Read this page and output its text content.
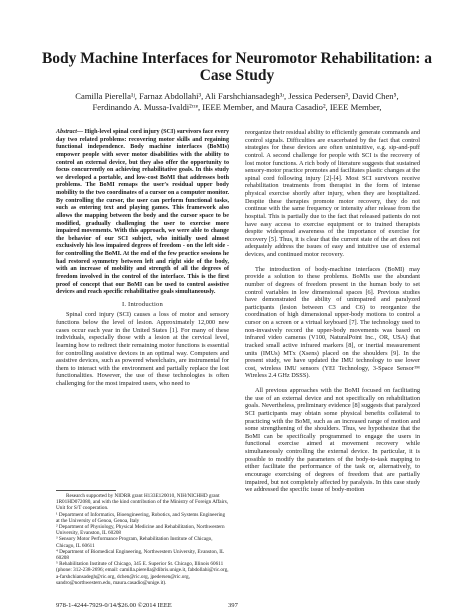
Body Machine Interfaces for Neuromotor Rehabilitation: a Case Study
Camilla Pierella¹ʲ, Farnaz Abdollahi³, Ali Farshchiansadegh³ʴ, Jessica Pedersen³, David Chen⁵,
Ferdinando A. Mussa-Ivaldi²ʳʴʶ, IEEE Member, and Maura Casadio², IEEE Member,

Abstract— High-level spinal cord injury (SCI) survivors face every day two related problems: recovering motor skills and regaining functional independence. Body machine interfaces (BoMIs) empower people with sever motor disabilities with the ability to control an external device, but they also offer the opportunity to focus concurrently on achieving rehabilitative goals. In this study we developed a portable, and low-cost BoMI that addresses both problems. The BoMI remaps the user's residual upper body mobility to the two coordinates of a cursor on a computer monitor. By controlling the cursor, the user can perform functional tasks, such as entering text and playing games. This framework also allows the mapping between the body and the cursor space to be modified, gradually challenging the user to exercise more impaired movements. With this approach, we were able to change the behavior of our SCI subject, who initially used almost exclusively his less impaired degrees of freedom - on the left side - for controlling the BoMI. At the end of the few practice sessions he had restored symmetry between left and right side of the body, with an increase of mobility and strength of all the degrees of freedom involved in the control of the interface. This is the first proof of concept that our BoMI can be used to control assistive devices and reach specific rehabilitative goals simultaneously.

I. Introduction

Spinal cord injury (SCI) causes a loss of motor and sensory functions below the level of lesion. Approximately 12,000 new cases occur each year in the United States [1]. For many of these individuals, especially those with a lesion at the cervical level, learning how to redirect their remaining motor functions is essential for controlling assistive devices in an optimal way. Computers and assistive devices, such as powered wheelchairs, are instrumental for them to interact with the environment and partially replace the lost functionalities. However, the use of these technologies is often challenging for the most impaired users, who need to

Research supported by NIDRR grant H133E120010, NIH/NICHHD grant 1R01HD072080, and with the kind contribution of the Ministry of Foreign Affairs, Unit for S/T cooperation.

¹ Department of Informatics, Bioengineering, Robotics, and Systems Engineering at the University of Genoa, Genoa, Italy

² Department of Physiology, Physical Medicine and Rehabilitation, Northwestern University, Evanston, IL 60208

³ Sensory Motor Performance Program, Rehabilitation Institute of Chicago, Chicago, IL 60611

⁴ Department of Biomedical Engineering, Northwestern University, Evanston, IL 60208

⁵ Rehabilitation Institute of Chicago, 345 E. Superior St. Chicago, Illinois 60611

(phone: 312-238-2696; email: camilla.pierella@dibris.unige.it, fabdollahi@ric.org, a-farshchiansadegh@ric.org, dchen@ric.org, jpedersen@ric.org, sandro@northwestern.edu, maura.casadio@unige.it).

reorganize their residual ability to efficiently generate commands and control signals. Difficulties are exacerbated by the fact that control strategies for these devices are often unintuitive, e.g. sip-and-puff control. A second challenge for people with SCI is the recovery of lost motor functions. A rich body of literature suggests that sustained sensory-motor practice promotes and facilitates plastic changes at the spinal cord following injury [2]-[4]. Most SCI survivors receive rehabilitation treatments from therapist in the form of intense physical exercise shortly after injury, when they are hospitalized. Despite these therapies promote motor recovery, they do not continue with the same frequency or intensity after release from the hospital. This is partially due to the fact that released patients do not have easy access to exercise equipment or to trained therapists despite widespread awareness of the importance of exercise for recovery [5]. Thus, it is clear that the current state of the art does not adequately address the issues of easy and intuitive use of external devices, and continued motor recovery.

The introduction of body-machine interfaces (BoMI) may provide a solution to these problems. BoMIs use the abundant number of degrees of freedom present in the human body to set control variables in low dimensional spaces [6]. Previous studies have demonstrated the ability of unimpaired and paralyzed participants (lesion between C3 and C6) to reorganize the coordination of high dimensional upper-body motions to control a cursor on a screen or a virtual keyboard [7]. The technology used to non-invasively record the upper-body movements was based on infrared video cameras (V100, NaturalPoint Inc., OR, USA) that tracked small active infrared markers [8], or inertial measurement units (IMUs) MTx (Xsens) placed on the shoulders [9]. In the present study, we have updated the IMU technology to use lower cost, wireless IMU sensors (YEI Technology, 3-Space Sensor™ Wireless 2.4 GHz DSSS).

All previous approaches with the BoMI focused on facilitating the use of an external device and not specifically on rehabilitation goals. Nevertheless, preliminary evidence [8] suggests that paralyzed SCI participants may obtain some physical benefits collateral to practicing with the BoMI, such as an increased range of motion and some strengthening of the shoulders. Thus, we hypothesize that the BoMI can be specifically programmed to engage the users in functional exercise aimed at movement recovery while simultaneously controlling the external device. In particular, it is possible to modify the parameters of the body-to-task mapping to either facilitate the performance of the task or, alternatively, to encourage exercising of degrees of freedom that are partially impaired, but not completely affected by paralysis. In this case study we addressed the specific issue of body-motion

978-1-4244-7929-0/14/$26.00 ©2014 IEEE	397
